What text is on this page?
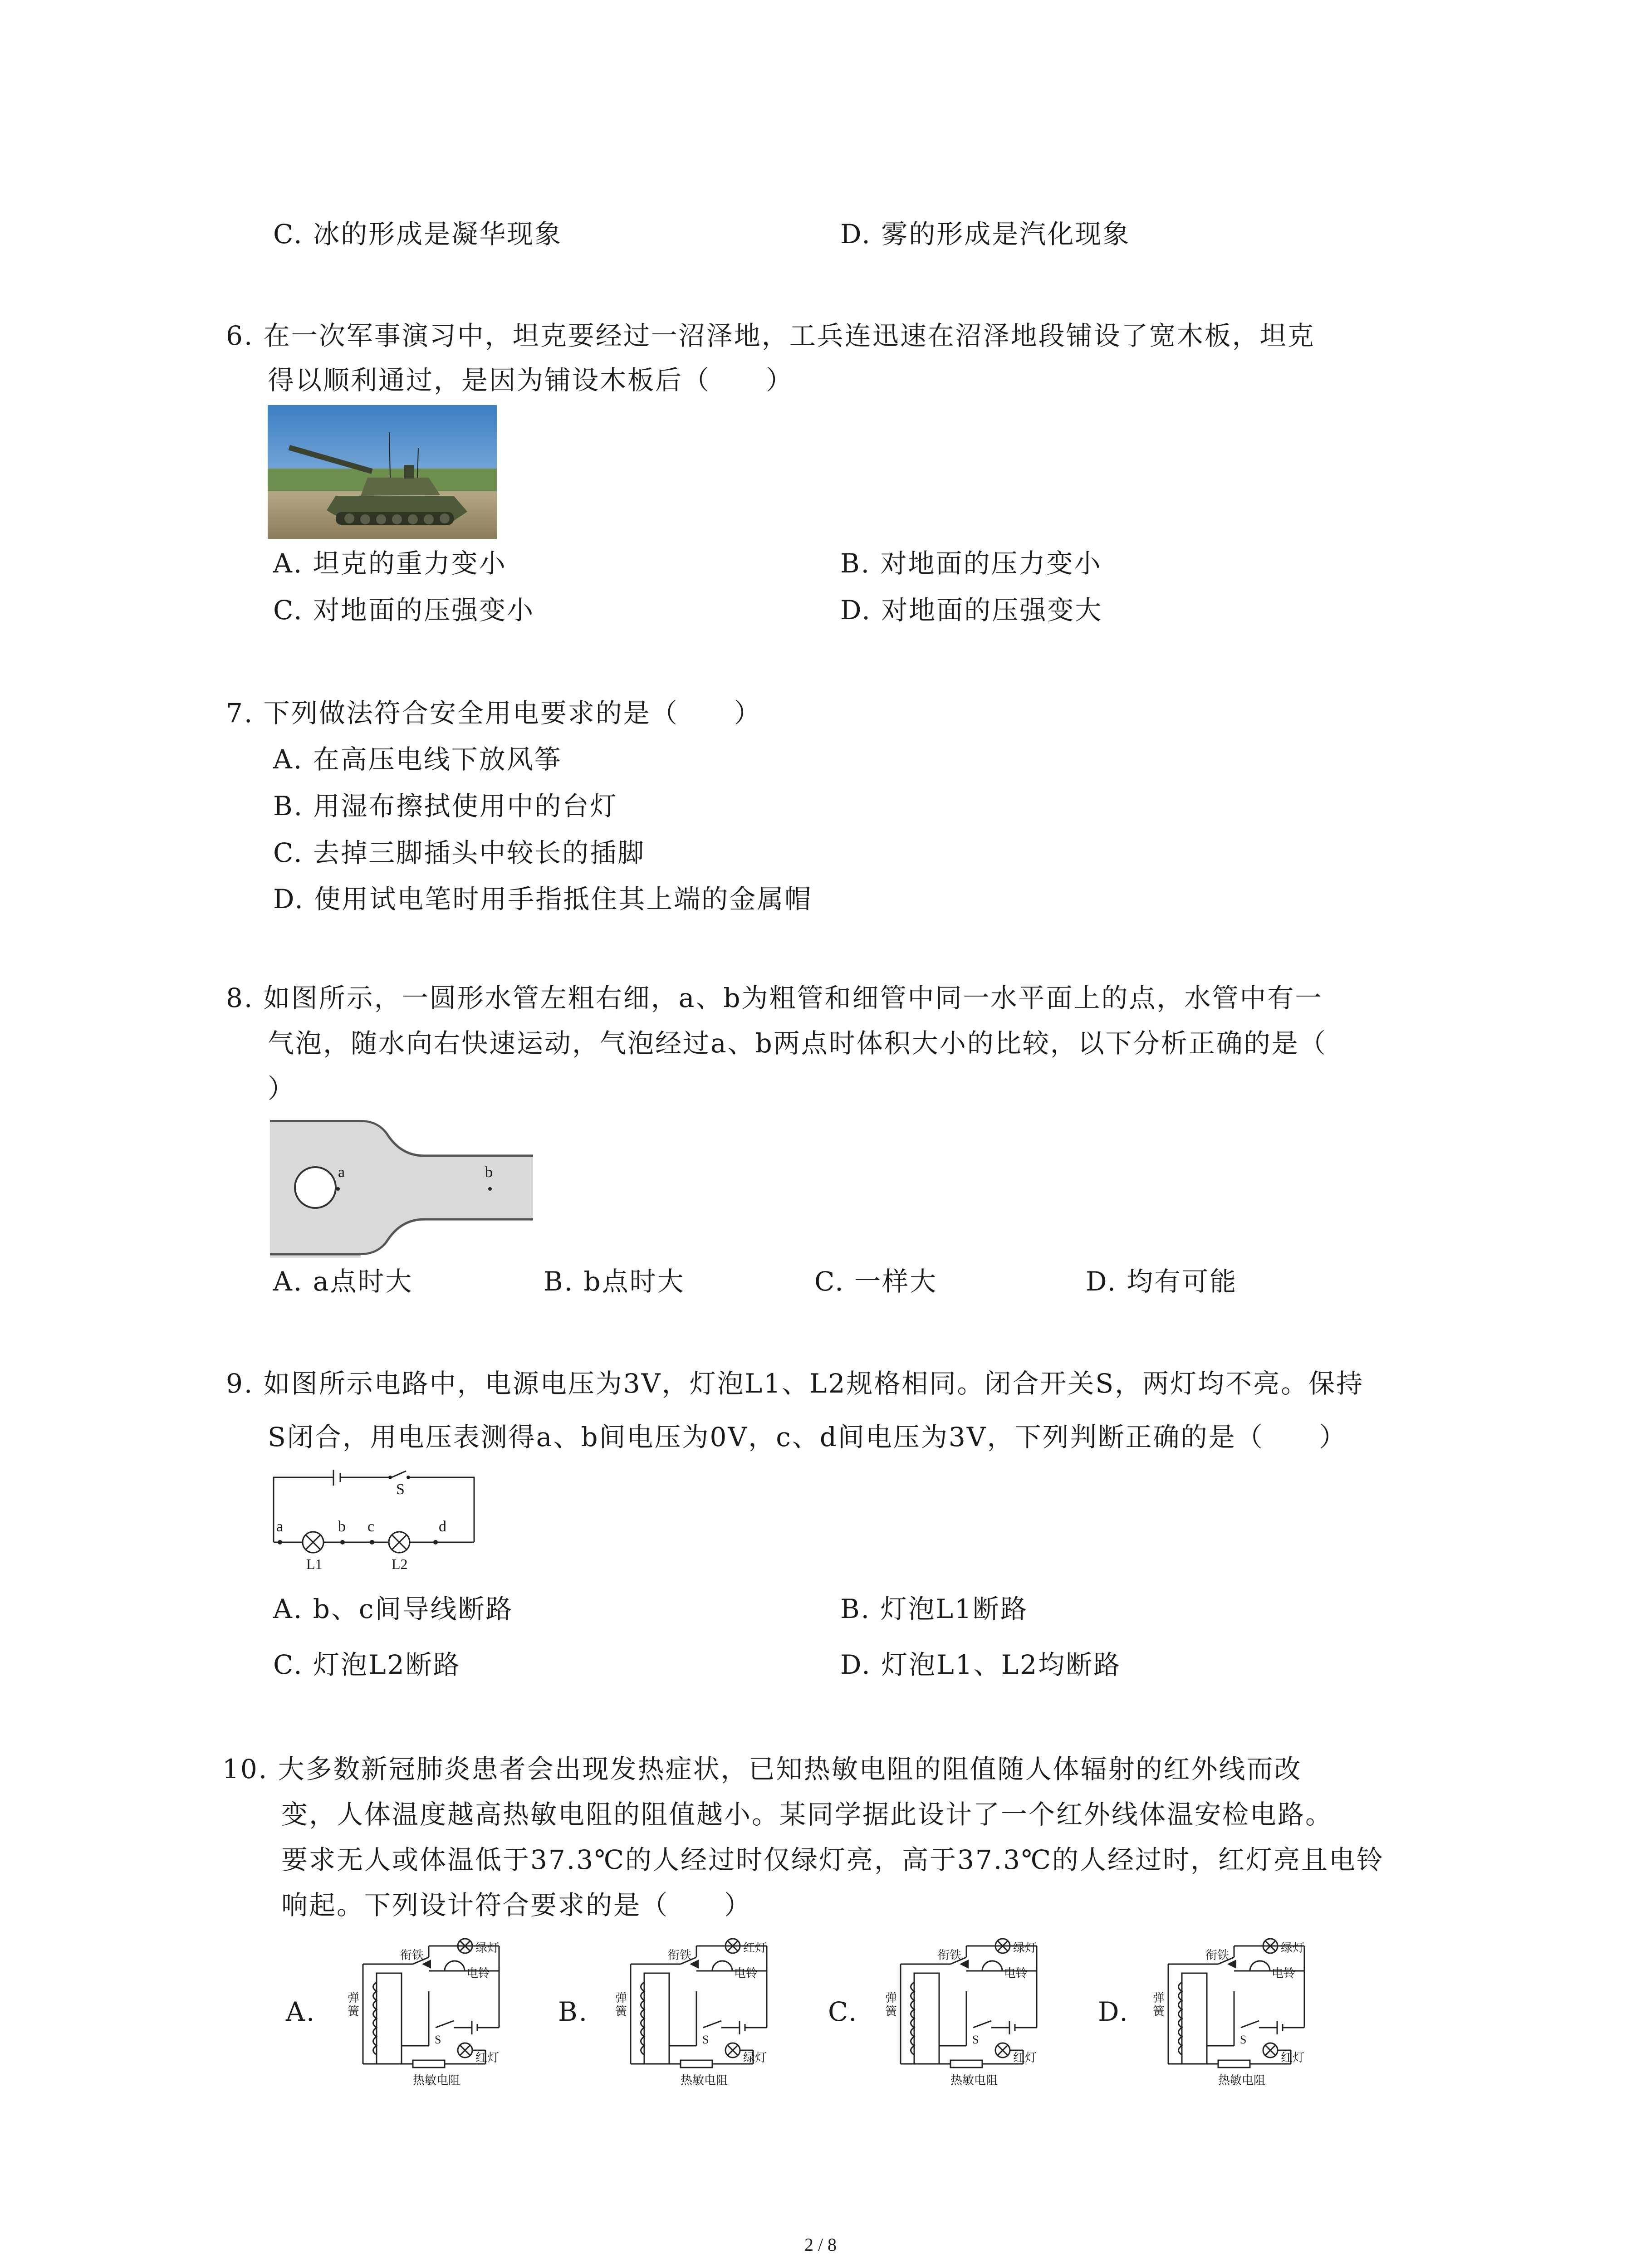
C. 冰的形成是凝华现象	D. 雾的形成是汽化现象
6. 在一次军事演习中，坦克要经过一沼泽地，工兵连迅速在沼泽地段铺设了宽木板，坦克
得以顺利通过，是因为铺设木板后（　　）
A. 坦克的重力变小	B. 对地面的压力变小
C. 对地面的压强变小	D. 对地面的压强变大
7. 下列做法符合安全用电要求的是（　　）
A. 在高压电线下放风筝
B. 用湿布擦拭使用中的台灯
C. 去掉三脚插头中较长的插脚
D. 使用试电笔时用手指抵住其上端的金属帽
8. 如图所示，一圆形水管左粗右细，a、b为粗管和细管中同一水平面上的点，水管中有一
气泡，随水向右快速运动，气泡经过a、b两点时体积大小的比较，以下分析正确的是（
）
a	b
A. a点时大	B. b点时大	C. 一样大	D. 均有可能
9. 如图所示电路中，电源电压为3V，灯泡L1、L2规格相同。闭合开关S，两灯均不亮。保持
S闭合，用电压表测得a、b间电压为0V，c、d间电压为3V，下列判断正确的是（　　）
S
a	b c	d
L1	L2
A. b、c间导线断路	B. 灯泡L1断路
C. 灯泡L2断路	D. 灯泡L1、L2均断路
10. 大多数新冠肺炎患者会出现发热症状，已知热敏电阻的阻值随人体辐射的红外线而改
变，人体温度越高热敏电阻的阻值越小。某同学据此设计了一个红外线体温安检电路。
要求无人或体温低于37.3℃的人经过时仅绿灯亮，高于37.3℃的人经过时，红灯亮且电铃
响起。下列设计符合要求的是（　　）
A.
衔铁
弹簧
绿灯
电铃
S
红灯
热敏电阻
B.
衔铁
弹簧
红灯
电铃
S
绿灯
热敏电阻
C.
衔铁
弹簧
绿灯
电铃
S
红灯
热敏电阻
D.
衔铁
弹簧
绿灯
电铃
S
红灯
热敏电阻
2 / 8
